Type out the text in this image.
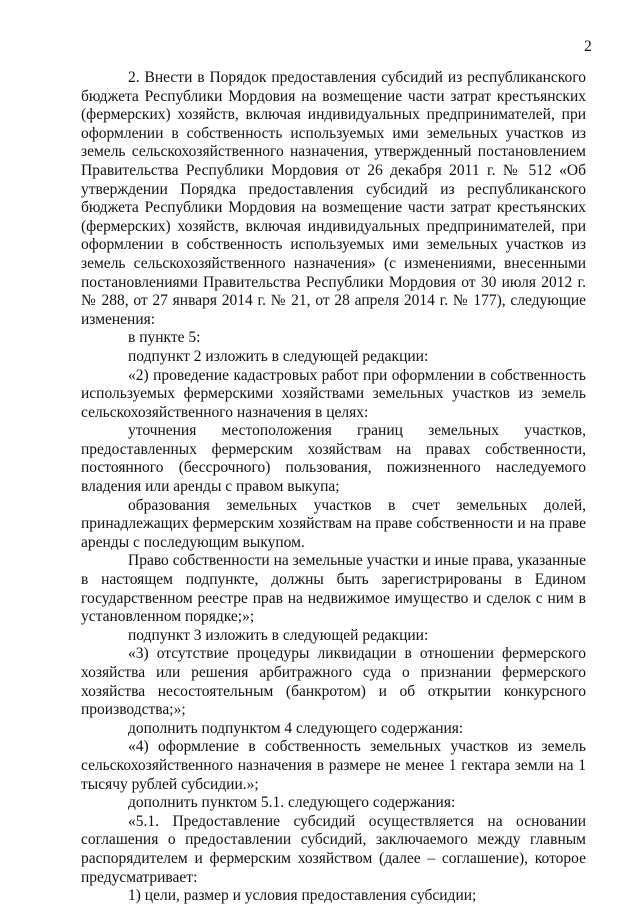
2

2. Внести в Порядок предоставления субсидий из республиканского бюджета Республики Мордовия на возмещение части затрат крестьянских (фермерских) хозяйств, включая индивидуальных предпринимателей, при оформлении в собственность используемых ими земельных участков из земель сельскохозяйственного назначения, утвержденный постановлением Правительства Республики Мордовия от 26 декабря 2011 г. № 512 «Об утверждении Порядка предоставления субсидий из республиканского бюджета Республики Мордовия на возмещение части затрат крестьянских (фермерских) хозяйств, включая индивидуальных предпринимателей, при оформлении в собственность используемых ими земельных участков из земель сельскохозяйственного назначения» (с изменениями, внесенными постановлениями Правительства Республики Мордовия от 30 июля 2012 г. № 288, от 27 января 2014 г. № 21, от 28 апреля 2014 г. № 177), следующие изменения:

в пункте 5:

подпункт 2 изложить в следующей редакции:

«2) проведение кадастровых работ при оформлении в собственность используемых фермерскими хозяйствами земельных участков из земель сельскохозяйственного назначения в целях:

уточнения местоположения границ земельных участков, предоставленных фермерским хозяйствам на правах собственности, постоянного (бессрочного) пользования, пожизненного наследуемого владения или аренды с правом выкупа;

образования земельных участков в счет земельных долей, принадлежащих фермерским хозяйствам на праве собственности и на праве аренды с последующим выкупом.

Право собственности на земельные участки и иные права, указанные в настоящем подпункте, должны быть зарегистрированы в Едином государственном реестре прав на недвижимое имущество и сделок с ним в установленном порядке;»;

подпункт 3 изложить в следующей редакции:

«3) отсутствие процедуры ликвидации в отношении фермерского хозяйства или решения арбитражного суда о признании фермерского хозяйства несостоятельным (банкротом) и об открытии конкурсного производства;»;

дополнить подпунктом 4 следующего содержания:

«4) оформление в собственность земельных участков из земель сельскохозяйственного назначения в размере не менее 1 гектара земли на 1 тысячу рублей субсидии.»;

дополнить пунктом 5.1. следующего содержания:

«5.1. Предоставление субсидий осуществляется на основании соглашения о предоставлении субсидий, заключаемого между главным распорядителем и фермерским хозяйством (далее – соглашение), которое предусматривает:

1) цели, размер и условия предоставления субсидии;
